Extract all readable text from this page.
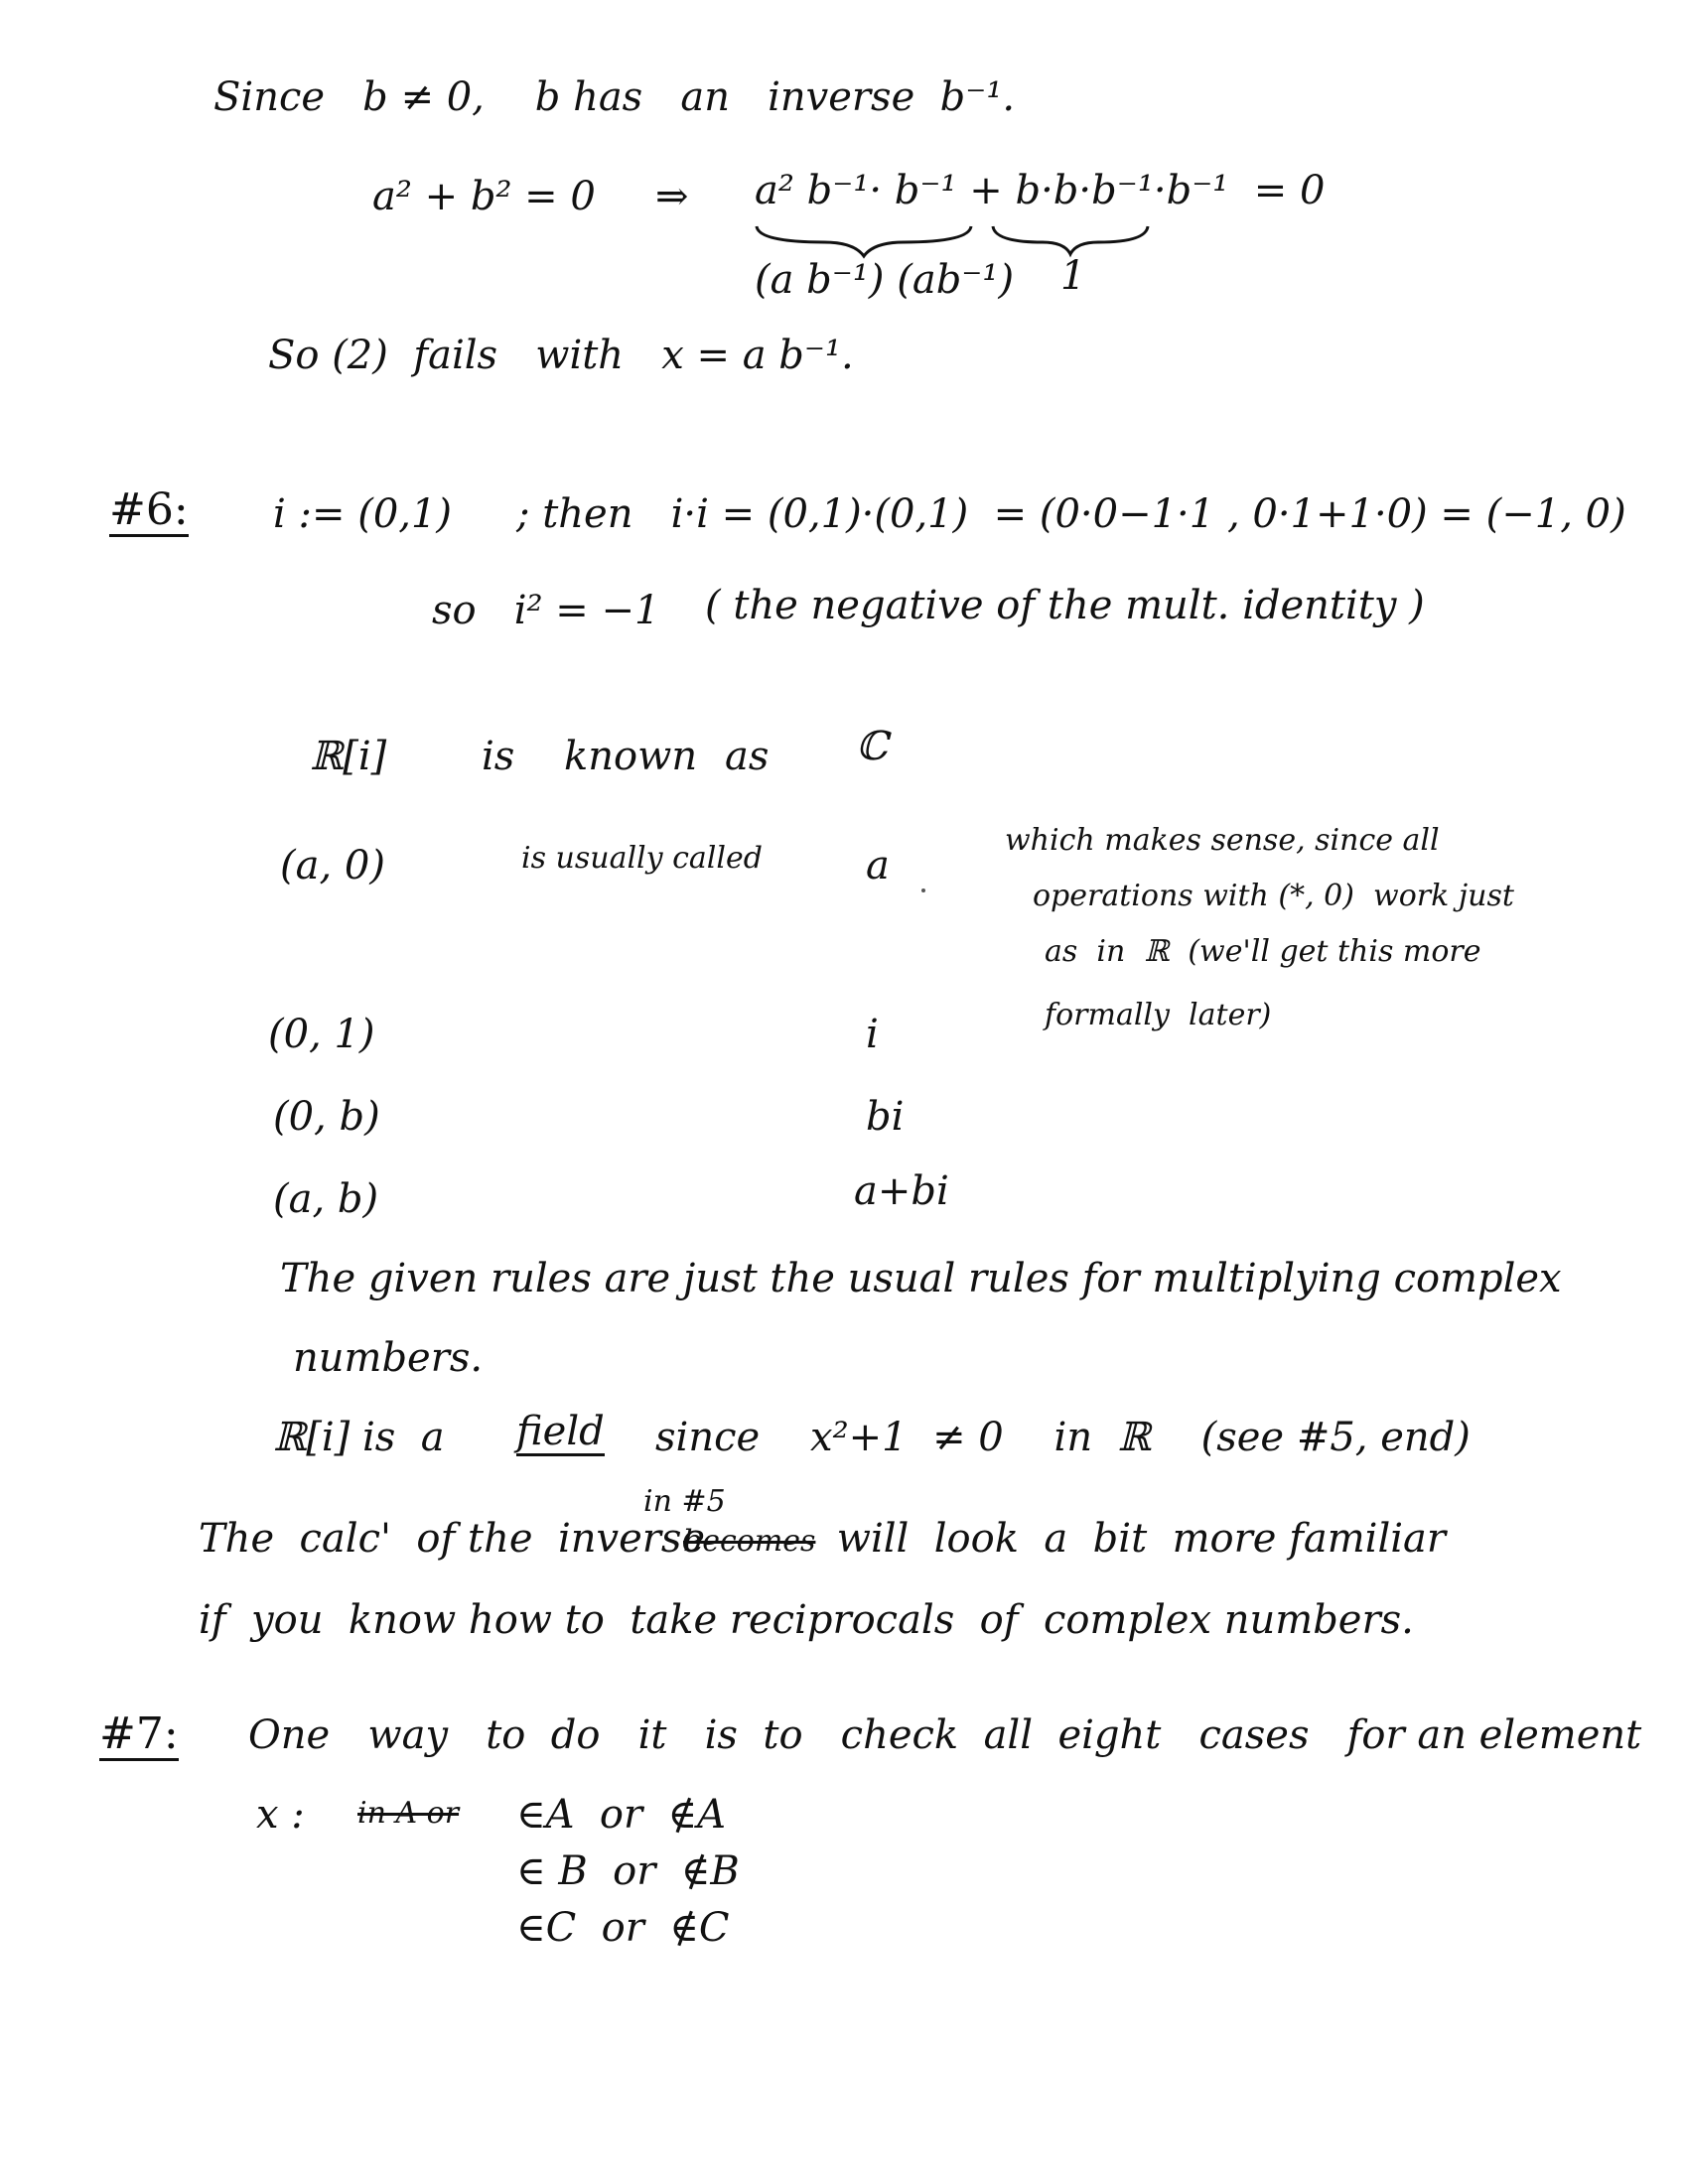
Since   b ≠ 0,    b has   an   inverse  b⁻¹.
a² + b² = 0 ⇒ a² b⁻¹· b⁻¹ + b·b·b⁻¹·b⁻¹  = 0
(a b⁻¹) (ab⁻¹) 1
So (2)  fails   with   x = a b⁻¹.
#6: i := (0,1) ; then   i·i = (0,1)·(0,1)  = (0·0−1·1 , 0·1+1·0) = (−1, 0)
so   i² = −1 ( the negative of the mult. identity )
ℝ[i] is known as ℂ
(a, 0)	is usually called	a
which makes sense, since all
operations with (*, 0)  work just
as  in  ℝ  (we'll get this more
formally  later)
(0, 1)	i
(0, b)	bi
(a, b)	a+bi
The given rules are just the usual rules for multiplying complex
numbers.
ℝ[i] is  a field since    x²+1  ≠ 0    in  ℝ    (see #5, end)
in #5
The  calc'  of the  inverse
becomes will  look  a  bit  more familiar
if  you  know how to  take reciprocals  of  complex numbers.
#7: One   way   to  do   it   is  to   check  all  eight   cases   for an element
x : in A or ∈A  or  ∉A
∈ B  or  ∉B
∈C  or  ∉C
